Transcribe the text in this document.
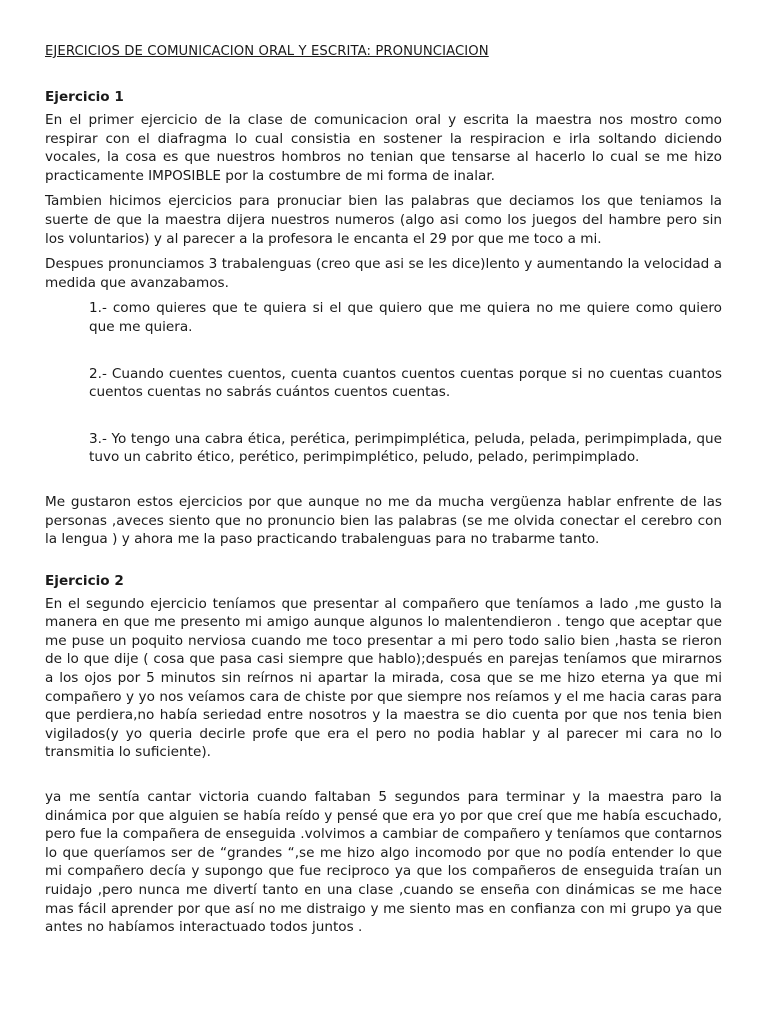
EJERCICIOS DE COMUNICACION ORAL Y ESCRITA: PRONUNCIACION
Ejercicio 1

En el primer ejercicio de la clase de comunicacion oral y escrita la maestra nos mostro como respirar con el diafragma lo cual consistia en sostener la respiracion e irla soltando diciendo vocales, la cosa es que nuestros hombros no tenian que tensarse al hacerlo lo cual se me hizo practicamente IMPOSIBLE por la costumbre de mi forma de inalar.

Tambien hicimos ejercicios para pronuciar bien las palabras que deciamos los que teniamos la suerte de que la maestra dijera nuestros numeros (algo asi como los juegos del hambre pero sin los voluntarios) y al parecer a la profesora le encanta el 29 por que me toco a mi.

Despues pronunciamos 3 trabalenguas (creo que asi se les dice)lento y aumentando la velocidad a medida que avanzabamos.

1.- como quieres que te quiera si el que quiero que me quiera no me quiere como quiero que me quiera.

2.- Cuando cuentes cuentos, cuenta cuantos cuentos cuentas porque si no cuentas cuantos cuentos cuentas no sabrás cuántos cuentos cuentas.

3.- Yo tengo una cabra ética, perética, perimpimplética, peluda, pelada, perimpimplada, que tuvo un cabrito ético, perético, perimpimplético, peludo, pelado, perimpimplado.

Me gustaron estos ejercicios por que aunque no me da mucha vergüenza hablar enfrente de las personas ,aveces siento que no pronuncio bien las palabras (se me olvida conectar el cerebro con la lengua ) y ahora me la paso practicando trabalenguas para no trabarme tanto.

Ejercicio 2

En el segundo ejercicio teníamos que presentar al compañero que teníamos a lado ,me gusto la manera en que me presento mi amigo aunque algunos lo malentendieron . tengo que aceptar que me puse un poquito nerviosa cuando me toco presentar a mi pero todo salio bien ,hasta se rieron de lo que dije ( cosa que pasa casi siempre que hablo);después en parejas teníamos que mirarnos a los ojos por 5 minutos sin reírnos ni apartar la mirada, cosa que se me hizo eterna ya que mi compañero y yo nos veíamos cara de chiste por que siempre nos reíamos y el me hacia caras para que perdiera,no había seriedad entre nosotros y la maestra se dio cuenta por que nos tenia bien vigilados(y yo queria decirle profe que era el pero no podia hablar y al parecer mi cara no lo transmitia lo suficiente).

ya me sentía cantar victoria cuando faltaban 5 segundos para terminar y la maestra paro la dinámica por que alguien se había reído y pensé que era yo por que creí que me había escuchado, pero fue la compañera de enseguida .volvimos a cambiar de compañero y teníamos que contarnos lo que queríamos ser de “grandes “,se me hizo algo incomodo por que no podía entender lo que mi compañero decía y supongo que fue reciproco ya que los compañeros de enseguida traían un ruidajo ,pero nunca me divertí tanto en una clase ,cuando se enseña con dinámicas se me hace mas fácil aprender por que así no me distraigo y me siento mas en confianza con mi grupo ya que antes no habíamos interactuado todos juntos .
